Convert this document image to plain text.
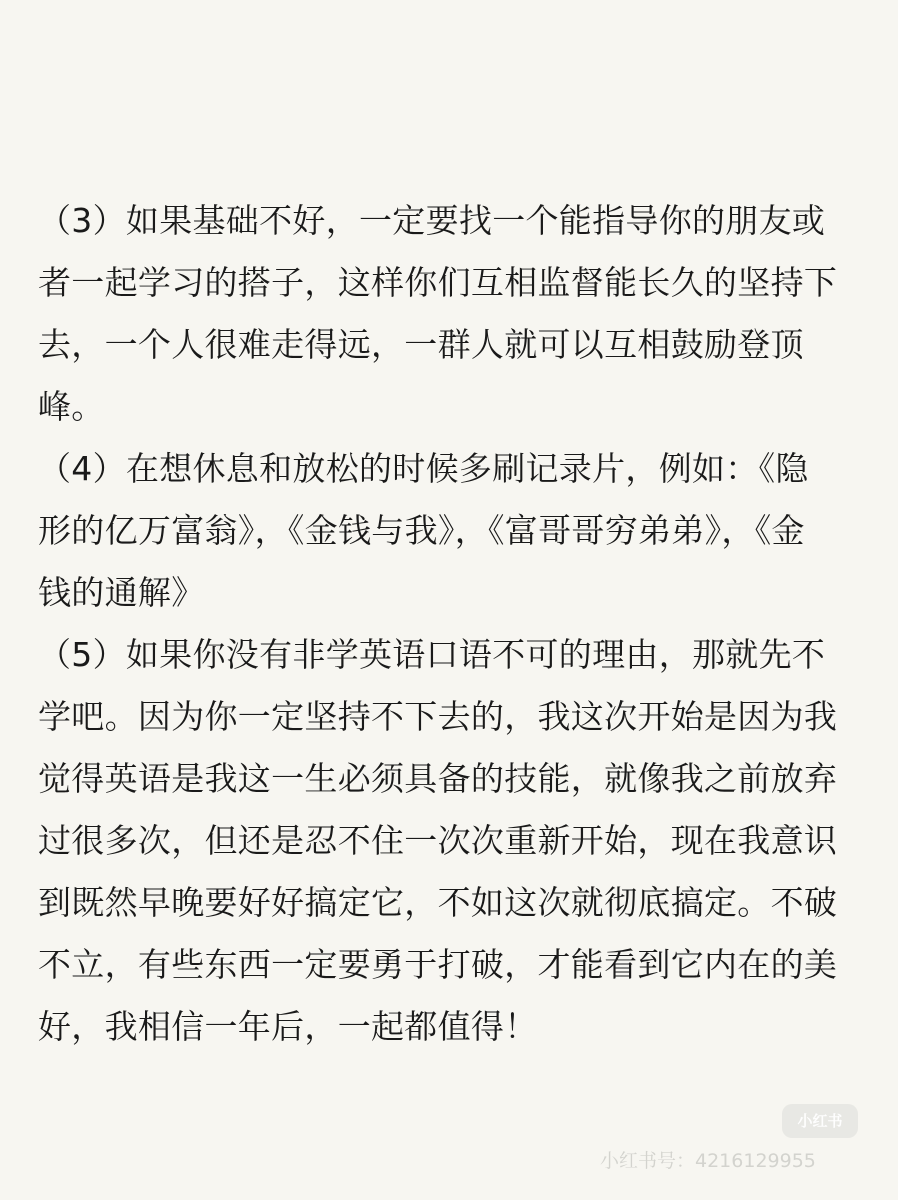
（3）如果基础不好，一定要找一个能指导你的朋友或者一起学习的搭子，这样你们互相监督能长久的坚持下去，一个人很难走得远，一群人就可以互相鼓励登顶峰。

（4）在想休息和放松的时候多刷记录片，例如：《隐形的亿万富翁》，《金钱与我》，《富哥哥穷弟弟》，《金钱的通解》

（5）如果你没有非学英语口语不可的理由，那就先不学吧。因为你一定坚持不下去的，我这次开始是因为我觉得英语是我这一生必须具备的技能，就像我之前放弃过很多次，但还是忍不住一次次重新开始，现在我意识到既然早晚要好好搞定它，不如这次就彻底搞定。不破不立，有些东西一定要勇于打破，才能看到它内在的美好，我相信一年后，一起都值得！

小红书
小红书号：4216129955
